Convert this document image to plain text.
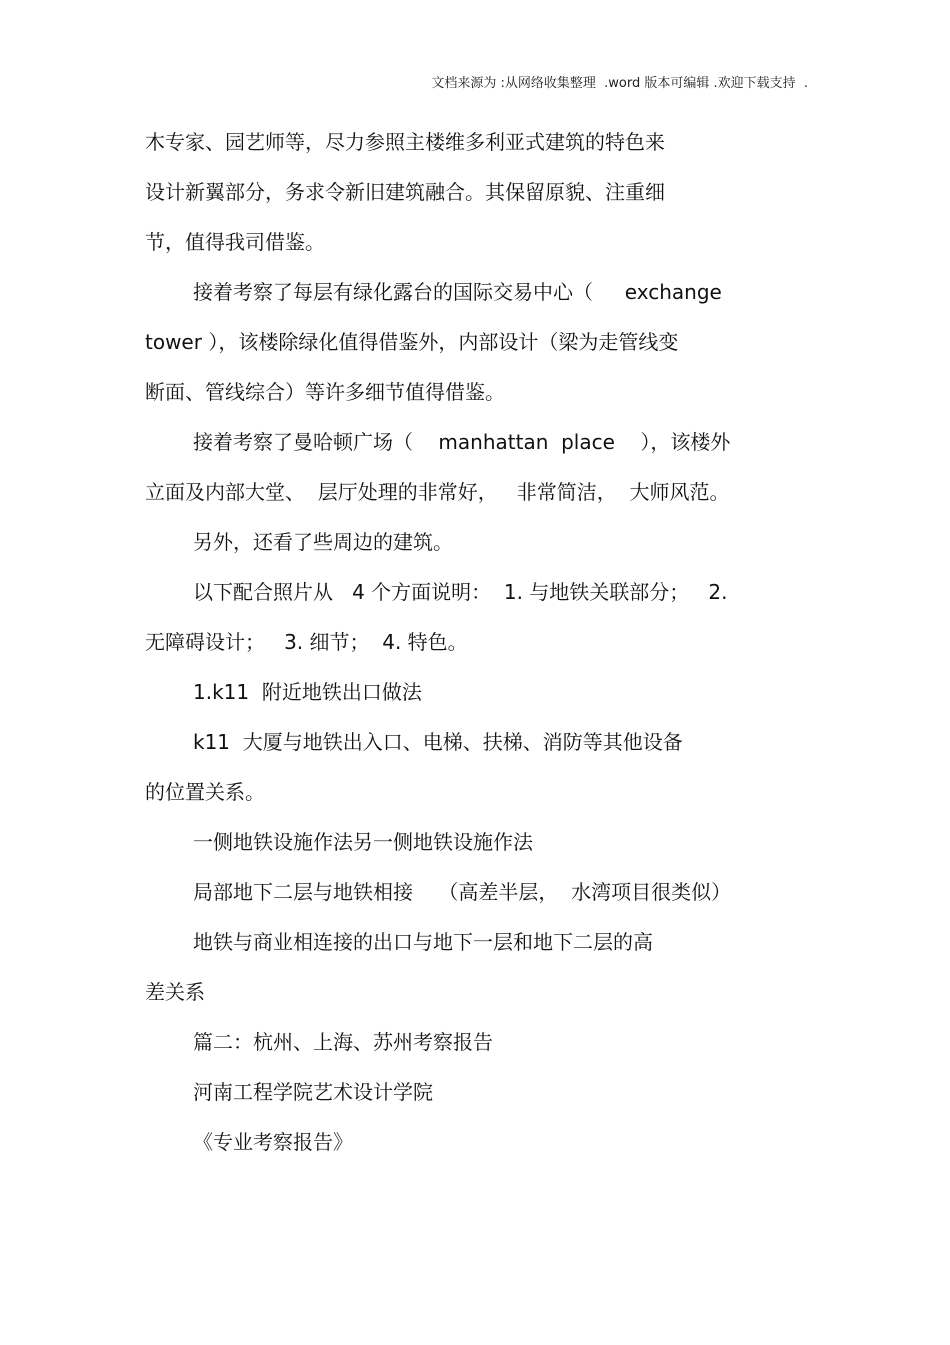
文档来源为 :从网络收集整理  .word 版本可编辑 .欢迎下载支持  .
木专家、园艺师等，尽力参照主楼维多利亚式建筑的特色来
设计新翼部分，务求令新旧建筑融合。其保留原貌、注重细
节，值得我司借鉴。
接着考察了每层有绿化露台的国际交易中心（     exchange
tower ），该楼除绿化值得借鉴外，内部设计（梁为走管线变
断面、管线综合）等许多细节值得借鉴。
接着考察了曼哈顿广场（    manhattan  place    ），该楼外
立面及内部大堂、  层厅处理的非常好，   非常简洁，  大师风范。
另外，还看了些周边的建筑。
以下配合照片从   4 个方面说明：  1. 与地铁关联部分；   2.
无障碍设计；   3. 细节；  4. 特色。
1.k11  附近地铁出口做法
k11  大厦与地铁出入口、电梯、扶梯、消防等其他设备
的位置关系。
一侧地铁设施作法另一侧地铁设施作法
局部地下二层与地铁相接    （高差半层，  水湾项目很类似）
地铁与商业相连接的出口与地下一层和地下二层的高
差关系
篇二：杭州、上海、苏州考察报告
河南工程学院艺术设计学院
《专业考察报告》
